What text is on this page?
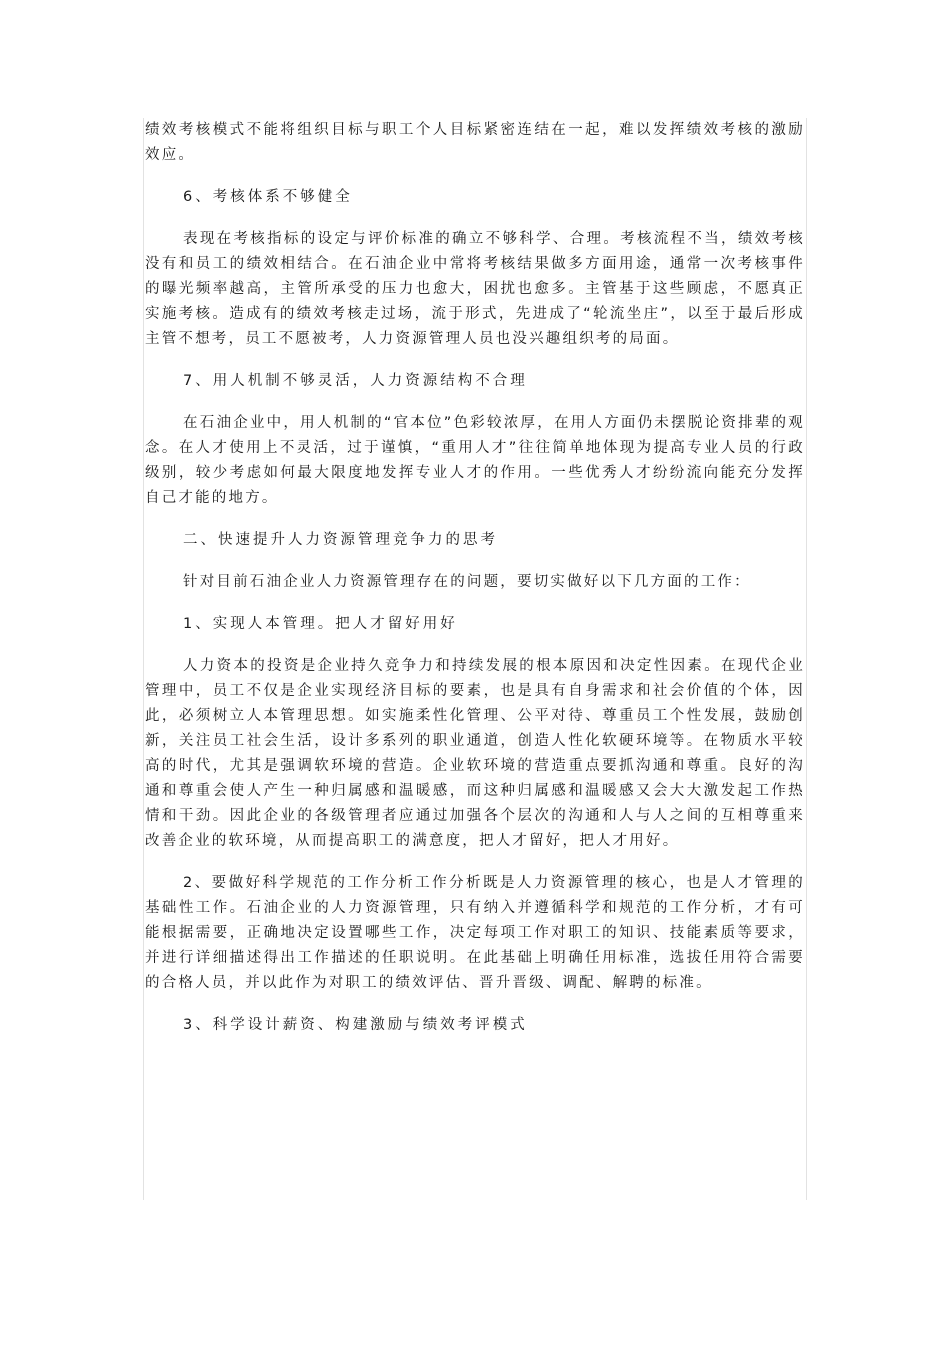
绩效考核模式不能将组织目标与职工个人目标紧密连结在一起，难以发挥绩效考核的激励效应。

6、考核体系不够健全

表现在考核指标的设定与评价标准的确立不够科学、合理。考核流程不当，绩效考核没有和员工的绩效相结合。在石油企业中常将考核结果做多方面用途，通常一次考核事件的曝光频率越高，主管所承受的压力也愈大，困扰也愈多。主管基于这些顾虑，不愿真正实施考核。造成有的绩效考核走过场，流于形式，先进成了“轮流坐庄”，以至于最后形成主管不想考，员工不愿被考，人力资源管理人员也没兴趣组织考的局面。

7、用人机制不够灵活，人力资源结构不合理

在石油企业中，用人机制的“官本位”色彩较浓厚，在用人方面仍未摆脱论资排辈的观念。在人才使用上不灵活，过于谨慎，“重用人才”往往简单地体现为提高专业人员的行政级别，较少考虑如何最大限度地发挥专业人才的作用。一些优秀人才纷纷流向能充分发挥自己才能的地方。

二、快速提升人力资源管理竞争力的思考

针对目前石油企业人力资源管理存在的问题，要切实做好以下几方面的工作：

1、实现人本管理。把人才留好用好

人力资本的投资是企业持久竞争力和持续发展的根本原因和决定性因素。在现代企业管理中，员工不仅是企业实现经济目标的要素，也是具有自身需求和社会价值的个体，因此，必须树立人本管理思想。如实施柔性化管理、公平对待、尊重员工个性发展，鼓励创新，关注员工社会生活，设计多系列的职业通道，创造人性化软硬环境等。在物质水平较高的时代，尤其是强调软环境的营造。企业软环境的营造重点要抓沟通和尊重。良好的沟通和尊重会使人产生一种归属感和温暖感，而这种归属感和温暖感又会大大激发起工作热情和干劲。因此企业的各级管理者应通过加强各个层次的沟通和人与人之间的互相尊重来改善企业的软环境，从而提高职工的满意度，把人才留好，把人才用好。

2、要做好科学规范的工作分析工作分析既是人力资源管理的核心，也是人才管理的基础性工作。石油企业的人力资源管理，只有纳入并遵循科学和规范的工作分析，才有可能根据需要，正确地决定设置哪些工作，决定每项工作对职工的知识、技能素质等要求，并进行详细描述得出工作描述的任职说明。在此基础上明确任用标准，选拔任用符合需要的合格人员，并以此作为对职工的绩效评估、晋升晋级、调配、解聘的标准。

3、科学设计薪资、构建激励与绩效考评模式
